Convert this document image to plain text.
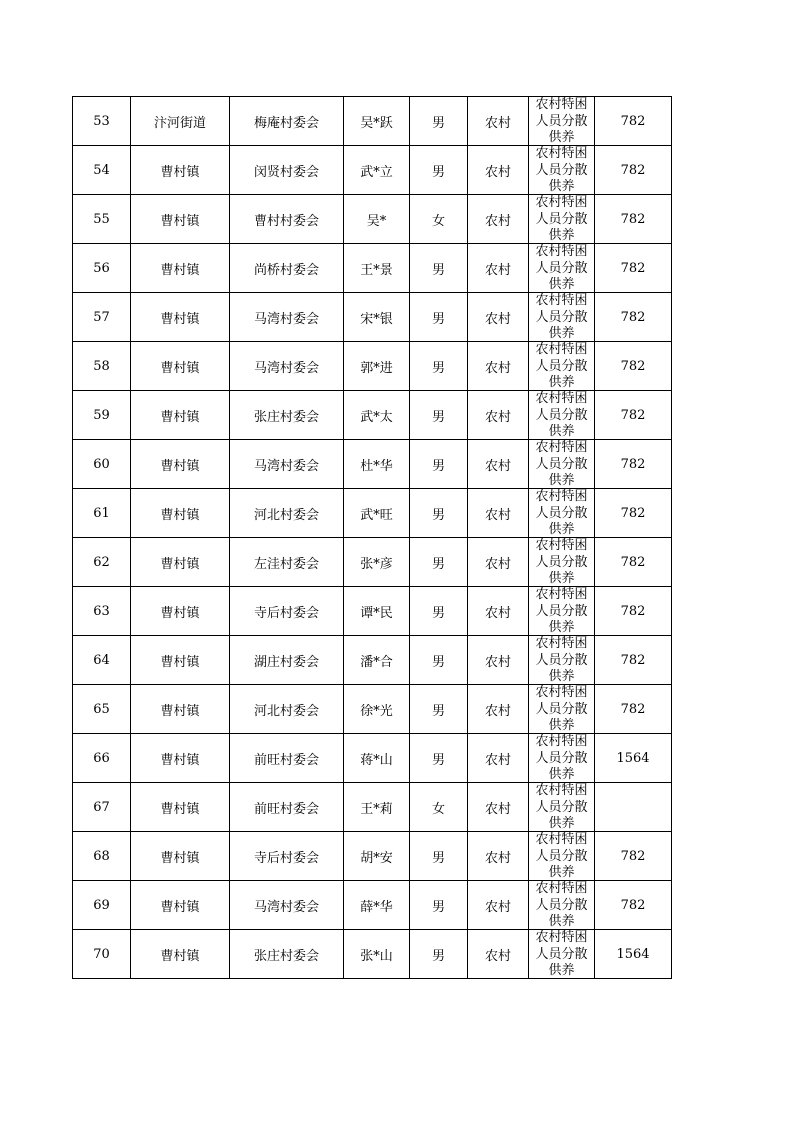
53	汴河街道	梅庵村委会	吴*跃	男	农村	农村特困人员分散供养	782
54	曹村镇	闵贤村委会	武*立	男	农村	农村特困人员分散供养	782
55	曹村镇	曹村村委会	吴*	女	农村	农村特困人员分散供养	782
56	曹村镇	尚桥村委会	王*景	男	农村	农村特困人员分散供养	782
57	曹村镇	马湾村委会	宋*银	男	农村	农村特困人员分散供养	782
58	曹村镇	马湾村委会	郭*进	男	农村	农村特困人员分散供养	782
59	曹村镇	张庄村委会	武*太	男	农村	农村特困人员分散供养	782
60	曹村镇	马湾村委会	杜*华	男	农村	农村特困人员分散供养	782
61	曹村镇	河北村委会	武*旺	男	农村	农村特困人员分散供养	782
62	曹村镇	左洼村委会	张*彦	男	农村	农村特困人员分散供养	782
63	曹村镇	寺后村委会	谭*民	男	农村	农村特困人员分散供养	782
64	曹村镇	湖庄村委会	潘*合	男	农村	农村特困人员分散供养	782
65	曹村镇	河北村委会	徐*光	男	农村	农村特困人员分散供养	782
66	曹村镇	前旺村委会	蒋*山	男	农村	农村特困人员分散供养	1564
67	曹村镇	前旺村委会	王*莉	女	农村	农村特困人员分散供养	

68	曹村镇	寺后村委会	胡*安	男	农村	农村特困人员分散供养	782
69	曹村镇	马湾村委会	薛*华	男	农村	农村特困人员分散供养	782
70	曹村镇	张庄村委会	张*山	男	农村	农村特困人员分散供养	1564
